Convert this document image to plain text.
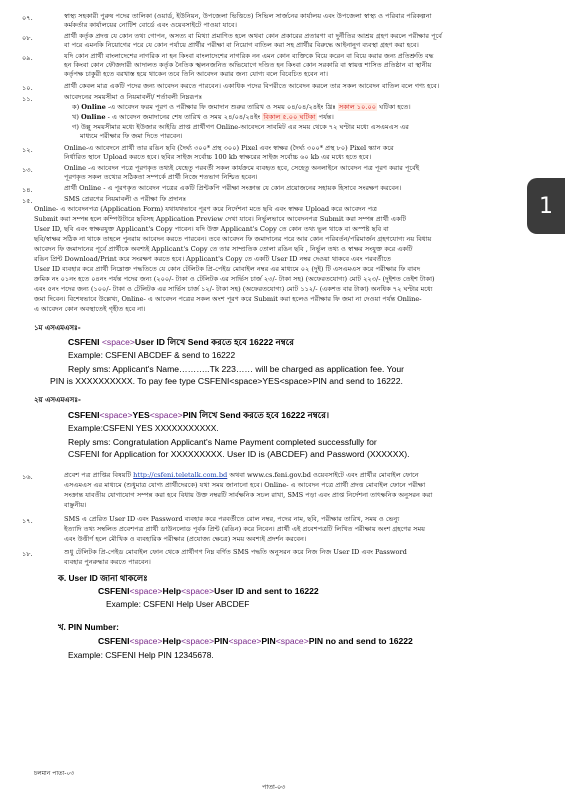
০৭.	স্বাস্থ্য সহকারী পুরুষ পদের তালিকা (ওয়ার্ড, ইউনিয়ন, উপজেলা ভিত্তিতে) সিভিল সার্জনের কার্যালয় এবং উপজেলা স্বাস্থ্য ও পরিবার পরিকল্পনা
কর্মকর্তার কার্যালয়ের নোটিশ বোর্ডে এবং ওয়েবসাইটে পাওয়া যাবে।
০৮.	প্রার্থী কর্তৃক প্রদত্ত যে কোন তথ্য গোপন, অসত্য বা মিথ্যা প্রমাণিত হলে অথবা কোন প্রকারের প্রতারণা বা দুর্নীতির আশ্রয় গ্রহণ করলে পরীক্ষার পূর্বে
বা পরে এমনকি নিয়োগের পরে যে কোন পর্যায়ে প্রার্থীর পরীক্ষা বা নিয়োগ বাতিল করা সহ প্রার্থীর বিরুদ্ধে আইনানুগ ব্যবস্থা গ্রহণ করা হবে।
০৯.	যদি কোন প্রার্থী বাংলাদেশের নাগরিক না হন কিংবা বাংলাদেশের নাগরিক নন এমন কোন ব্যক্তিকে বিয়ে করেন বা বিয়ে করার জন্য প্রতিশ্রুতি বদ্ধ
হন কিংবা কোন ফৌজদারী আদালত কর্তৃক নৈতিক স্খলনজনিত অভিযোগে দণ্ডিত হন কিংবা কোন সরকারি বা স্বায়ত্ত শাসিত প্রতিষ্ঠান বা স্থানীয়
কর্তৃপক্ষ চাকুরী হতে বরখাস্ত হয়ে থাকেন তবে তিনি আবেদন করার জন্য যোগ্য বলে বিবেচিত হবেন না।
১০.	প্রার্থী কেবল মাত্র একটি পদের জন্য আবেদন করতে পারবেন। একাধিক পদের বিপরীতে আবেদন করলে তার সকল আবেদন বাতিল বলে গণ্য হবে।
১১.	আবেদনের সময়সীমা ও নিয়মাবলী/ শর্তাবলী নিম্নরূপঃ
ক) Online -এ আবেদন ফরম পূরণ ও পরীক্ষার ফি জমাদান শুরুর তারিখ ও সময় ০৪/০৪/২৪ইং খ্রিঃ সকাল ১০.০০ ঘটিকা হতে।
খ) Online - এ আবেদন জমাদানের শেষ তারিখ ও সময় ২৪/০৪/২৪ইং বিকাল ৫.০০ ঘটিকা পর্যন্ত।
গ) উল্লু সময়সীমার মধ্যে ইউজার আইডি প্রাপ্ত প্রার্থীগণ Online-আবেদনে সাবমিট এর সময় থেকে ৭২ ঘণ্টার মধ্যে এসএমএস এর
মাধ্যমে পরীক্ষার ফি জমা দিতে পারবেন।
১২.	Online-এ আবেদনে প্রার্থী তার রঙিন ছবি (দৈর্ঘ্য ৩০০* প্রস্থ ৩০০) Pixel এবং স্বাক্ষর (দৈর্ঘ্য ৩০০* প্রস্থ ৮০) Pixel স্ক্যান করে
নির্ধারিত স্থানে Upload করতে হবে। ছবির সাইজ সর্বোচ্চ 100 kb স্বাক্ষরের সাইজ সর্বোচ্চ ৬০ kb এর মধ্যে হতে হবে।
১৩.	Online -এ আবেদন পত্রে পূরণকৃত তথ্যই যেহেতু পরবর্তী সকল কার্যক্রমে ব্যবহৃত হবে, সেহেতু অনলাইনে আবেদন পত্র পূরণ করার পূর্বেই
পূরণকৃত সকল তথ্যের সঠিকতা সম্পর্কে প্রার্থী নিজে শতভাগ নিশ্চিত হবেন।
১৪.	প্রার্থী Online - এ পূরণকৃত আবেদন পত্রের একটি প্রিন্টকপি পরীক্ষা সংক্রান্ত যে কোন প্রয়োজনের সহায়ক হিসাবে সংরক্ষণ করবেন।
১৫.	SMS প্রেরণের নিয়মাবলী ও পরীক্ষা ফি প্রদানঃ
Online- এ আবেদনপত্র (Application Form) যথাযথভাবে পূরণ করে নির্দেশনা মতে ছবি এবং স্বাক্ষর Upload করে আবেদন পত্র
Submit করা সম্পন্ন হলে কম্পিউটারে ছবিসহ Application Preview দেখা যাবে। নির্ভুলভাবে আবেদনপত্র Submit করা সম্পন্ন প্রার্থী একটি
User ID, ছবি এবং স্বাক্ষরযুক্ত Applicant's Copy পাবেন। যদি উক্ত Applicant's Copy তে কোন তথ্য ভুল থাকে বা অস্পষ্ট ছবি বা
ছবি/স্বাক্ষর সঠিক না থাকে তাহলে পুনরায় আবেদন করতে পারবেন। তবে আবেদন ফি জমাদানের পরে আর কোন পরিবর্তন/পরিমার্জন গ্রহণযোগ্য নয় বিধায়
আবেদন ফি জমাদানের পূর্বে প্রার্থীকে অবশ্যই Applicant's Copy তে তার সাম্প্রতিক তোলা রঙিন ছবি , নির্ভুল তথ্য ও স্বাক্ষর সংযুক্ত করে একটি
রঙিন প্রিন্ট Download/Print করে সংরক্ষণ করতে হবে। Applicant's Copy তে একটি User ID নম্বর দেওয়া থাকবে এবং পরবর্তীতে
User ID ব্যবহার করে প্রার্থী নিম্নোক্ত পদ্ধতিতে যে কোন টেলিটক প্রি-পেইড মোবাইল নম্বর এর মাধ্যমে ০২ (দুই) টি এসএমএস করে পরীক্ষার ফি বাবদ
ক্রমিক নং ০১নং হতে ০৪নং পর্যন্ত পদের জন্য (২০০/- টাকা ও টেলিটক এর সার্ভিস চার্জ ২৩/- টাকা সহ) (অফেরতযোগ্য) মোট ২২৩/- (দুইশত তেইশ টাকা)
এবং ৫নং পদের জন্য (১০০/- টাকা ও টেলিটক এর সার্ভিস চার্জ ১২/- টাকা সহ) (অফেরতযোগ্য) মোট ১১২/- (একশত বার টাকা) অনধিক ৭২ ঘণ্টার মধ্যে
জমা দিবেন। বিশেষভাবে উল্লেখ্য, Online- এ আবেদন পত্রের সকল অংশ পূরণ করে Submit করা হলেও পরীক্ষার ফি জমা না দেওয়া পর্যন্ত Online-
এ আবেদন কোন অবস্থাতেই গৃহীত হবে না।
১ম এসএমএসঃ-
CSFENI <space>User ID লিখে Send করতে হবে 16222 নম্বরে
Example: CSFENI ABCDEF & send to 16222
Reply sms: Applicant's Name………..Tk 223…… will be charged as application fee. Your
PIN is XXXXXXXXXX. To pay fee type CSFENI<space>YES<space>PIN and send to 16222.
২য় এসএমএসঃ-
CSFENI<space>YES<space>PIN লিখে Send করতে হবে 16222 নম্বরে।
Example:CSFENI YES XXXXXXXXXXX.
Reply sms: Congratulation Applicant's Name Payment completed successfully for
CSFENI for Application for XXXXXXXXX. User ID is (ABCDEF) and Password (XXXXXX).
১৬.	প্রবেশ পত্র প্রাপ্তির বিষয়টি http://csfeni.teletalk.com.bd অথবা www.cs.feni.gov.bd ওয়েবসাইটে এবং প্রার্থীর মোবাইল ফোনে
এসএমএস এর মাধ্যমে (শুধুমাত্র যোগ্য প্রার্থীদেরকে) যথা সময় জানানো হবে। Online- এ আবেদন পত্রে প্রার্থী প্রদত্ত মোবাইল ফোনে পরীক্ষা
সংক্রান্ত যাবতীয় যোগাযোগ সম্পন্ন করা হবে বিধায় উক্ত নম্বরটি সার্বক্ষনিক সচল রাখা, SMS পড়া এবং প্রাপ্ত নির্দেশনা তাৎক্ষনিক অনুসরন করা
বাঞ্ছনীয়।
১৭.	SMS এ প্রেরিত User ID এবং Password ব্যবহার করে পরবর্তীতে রোল নম্বর, পদের নাম, ছবি, পরীক্ষার তারিখ, সময় ও ভেন্যু
ইত্যাদি তথ্য সম্বলিত প্রবেশপত্র প্রার্থী ডাউনলোড পূর্বক প্রিন্ট (রঙিন) করে নিবেন। প্রার্থী এই প্রবেশপত্রটি লিখিত পরীক্ষায় অংশ গ্রহণের সময়
এবং উত্তীর্ণ হলে মৌখিক ও ব্যবহারিক পরীক্ষার (প্রযোজ্য ক্ষেত্রে) সময় অবশ্যই প্রদর্শন করবেন।
১৮.	শুধু টেলিটক প্রি-পেইড মোবাইল ফোন থেকে প্রার্থীগণ নিম্ন বর্ণিত SMS পদ্ধতি অনুসরন করে নিজ নিজ User ID এবং Password
ব্যবহার পুনরুদ্ধার করতে পারবেন।
ক. User ID জানা থাকলেঃ
CSFENI<space>Help<space>User ID and sent to 16222
Example: CSFENI Help User ABCDEF
খ. PIN Number:
CSFENI<space>Help<space>PIN<space>PIN<space>PIN no and send to 16222
Example: CSFENI Help PIN 12345678.
চলমান পাতা-০৩
পাতা-০৩
1
